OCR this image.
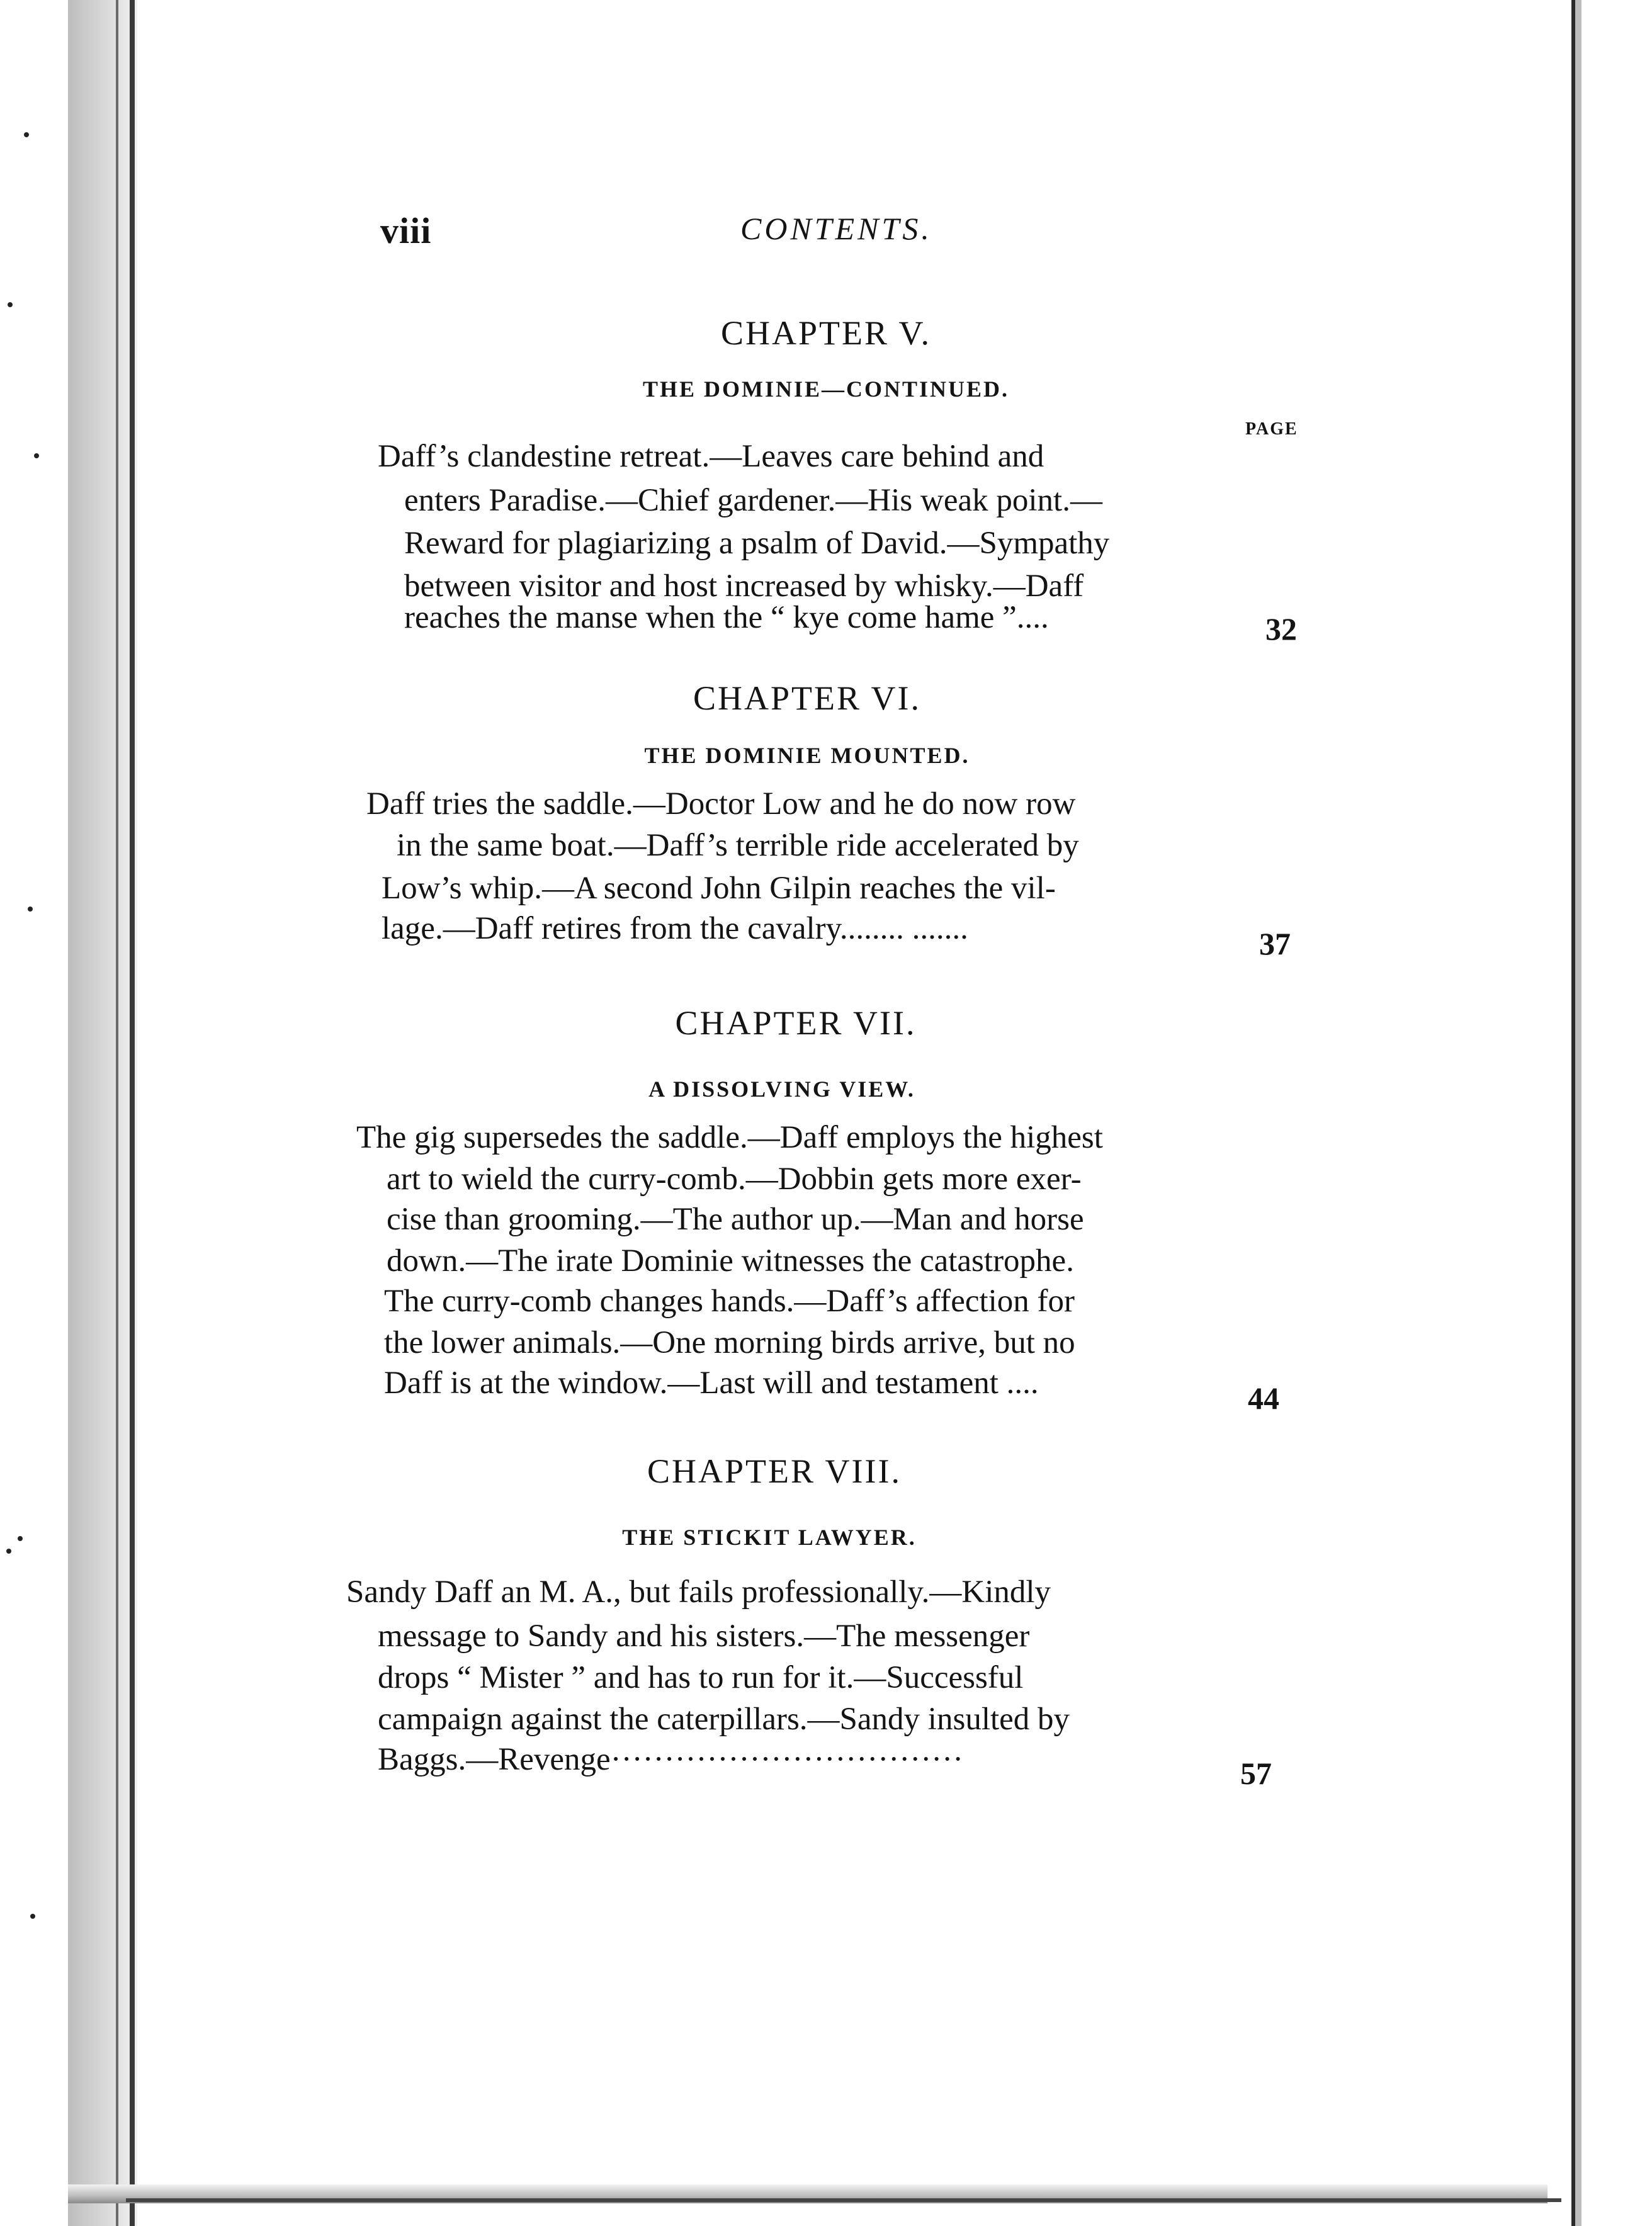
viii	CONTENTS.
CHAPTER V.
THE DOMINIE—CONTINUED.
PAGE
Daff’s clandestine retreat.—Leaves care behind and
enters Paradise.—Chief gardener.—His weak point.—
Reward for plagiarizing a psalm of David.—Sympathy
between visitor and host increased by whisky.—Daff
reaches the manse when the “ kye come hame ”....	32
CHAPTER VI.
THE DOMINIE MOUNTED.
Daff tries the saddle.—Doctor Low and he do now row
in the same boat.—Daff’s terrible ride accelerated by
Low’s whip.—A second John Gilpin reaches the vil-
lage.—Daff retires from the cavalry........ .......	37
CHAPTER VII.
A DISSOLVING VIEW.
The gig supersedes the saddle.—Daff employs the highest
art to wield the curry-comb.—Dobbin gets more exer-
cise than grooming.—The author up.—Man and horse
down.—The irate Dominie witnesses the catastrophe.
The curry-comb changes hands.—Daff’s affection for
the lower animals.—One morning birds arrive, but no
Daff is at the window.—Last will and testament ....	44
CHAPTER VIII.
THE STICKIT LAWYER.
Sandy Daff an M. A., but fails professionally.—Kindly
message to Sandy and his sisters.—The messenger
drops “ Mister ” and has to run for it.—Successful
campaign against the caterpillars.—Sandy insulted by
Baggs.—Revenge·································	57
